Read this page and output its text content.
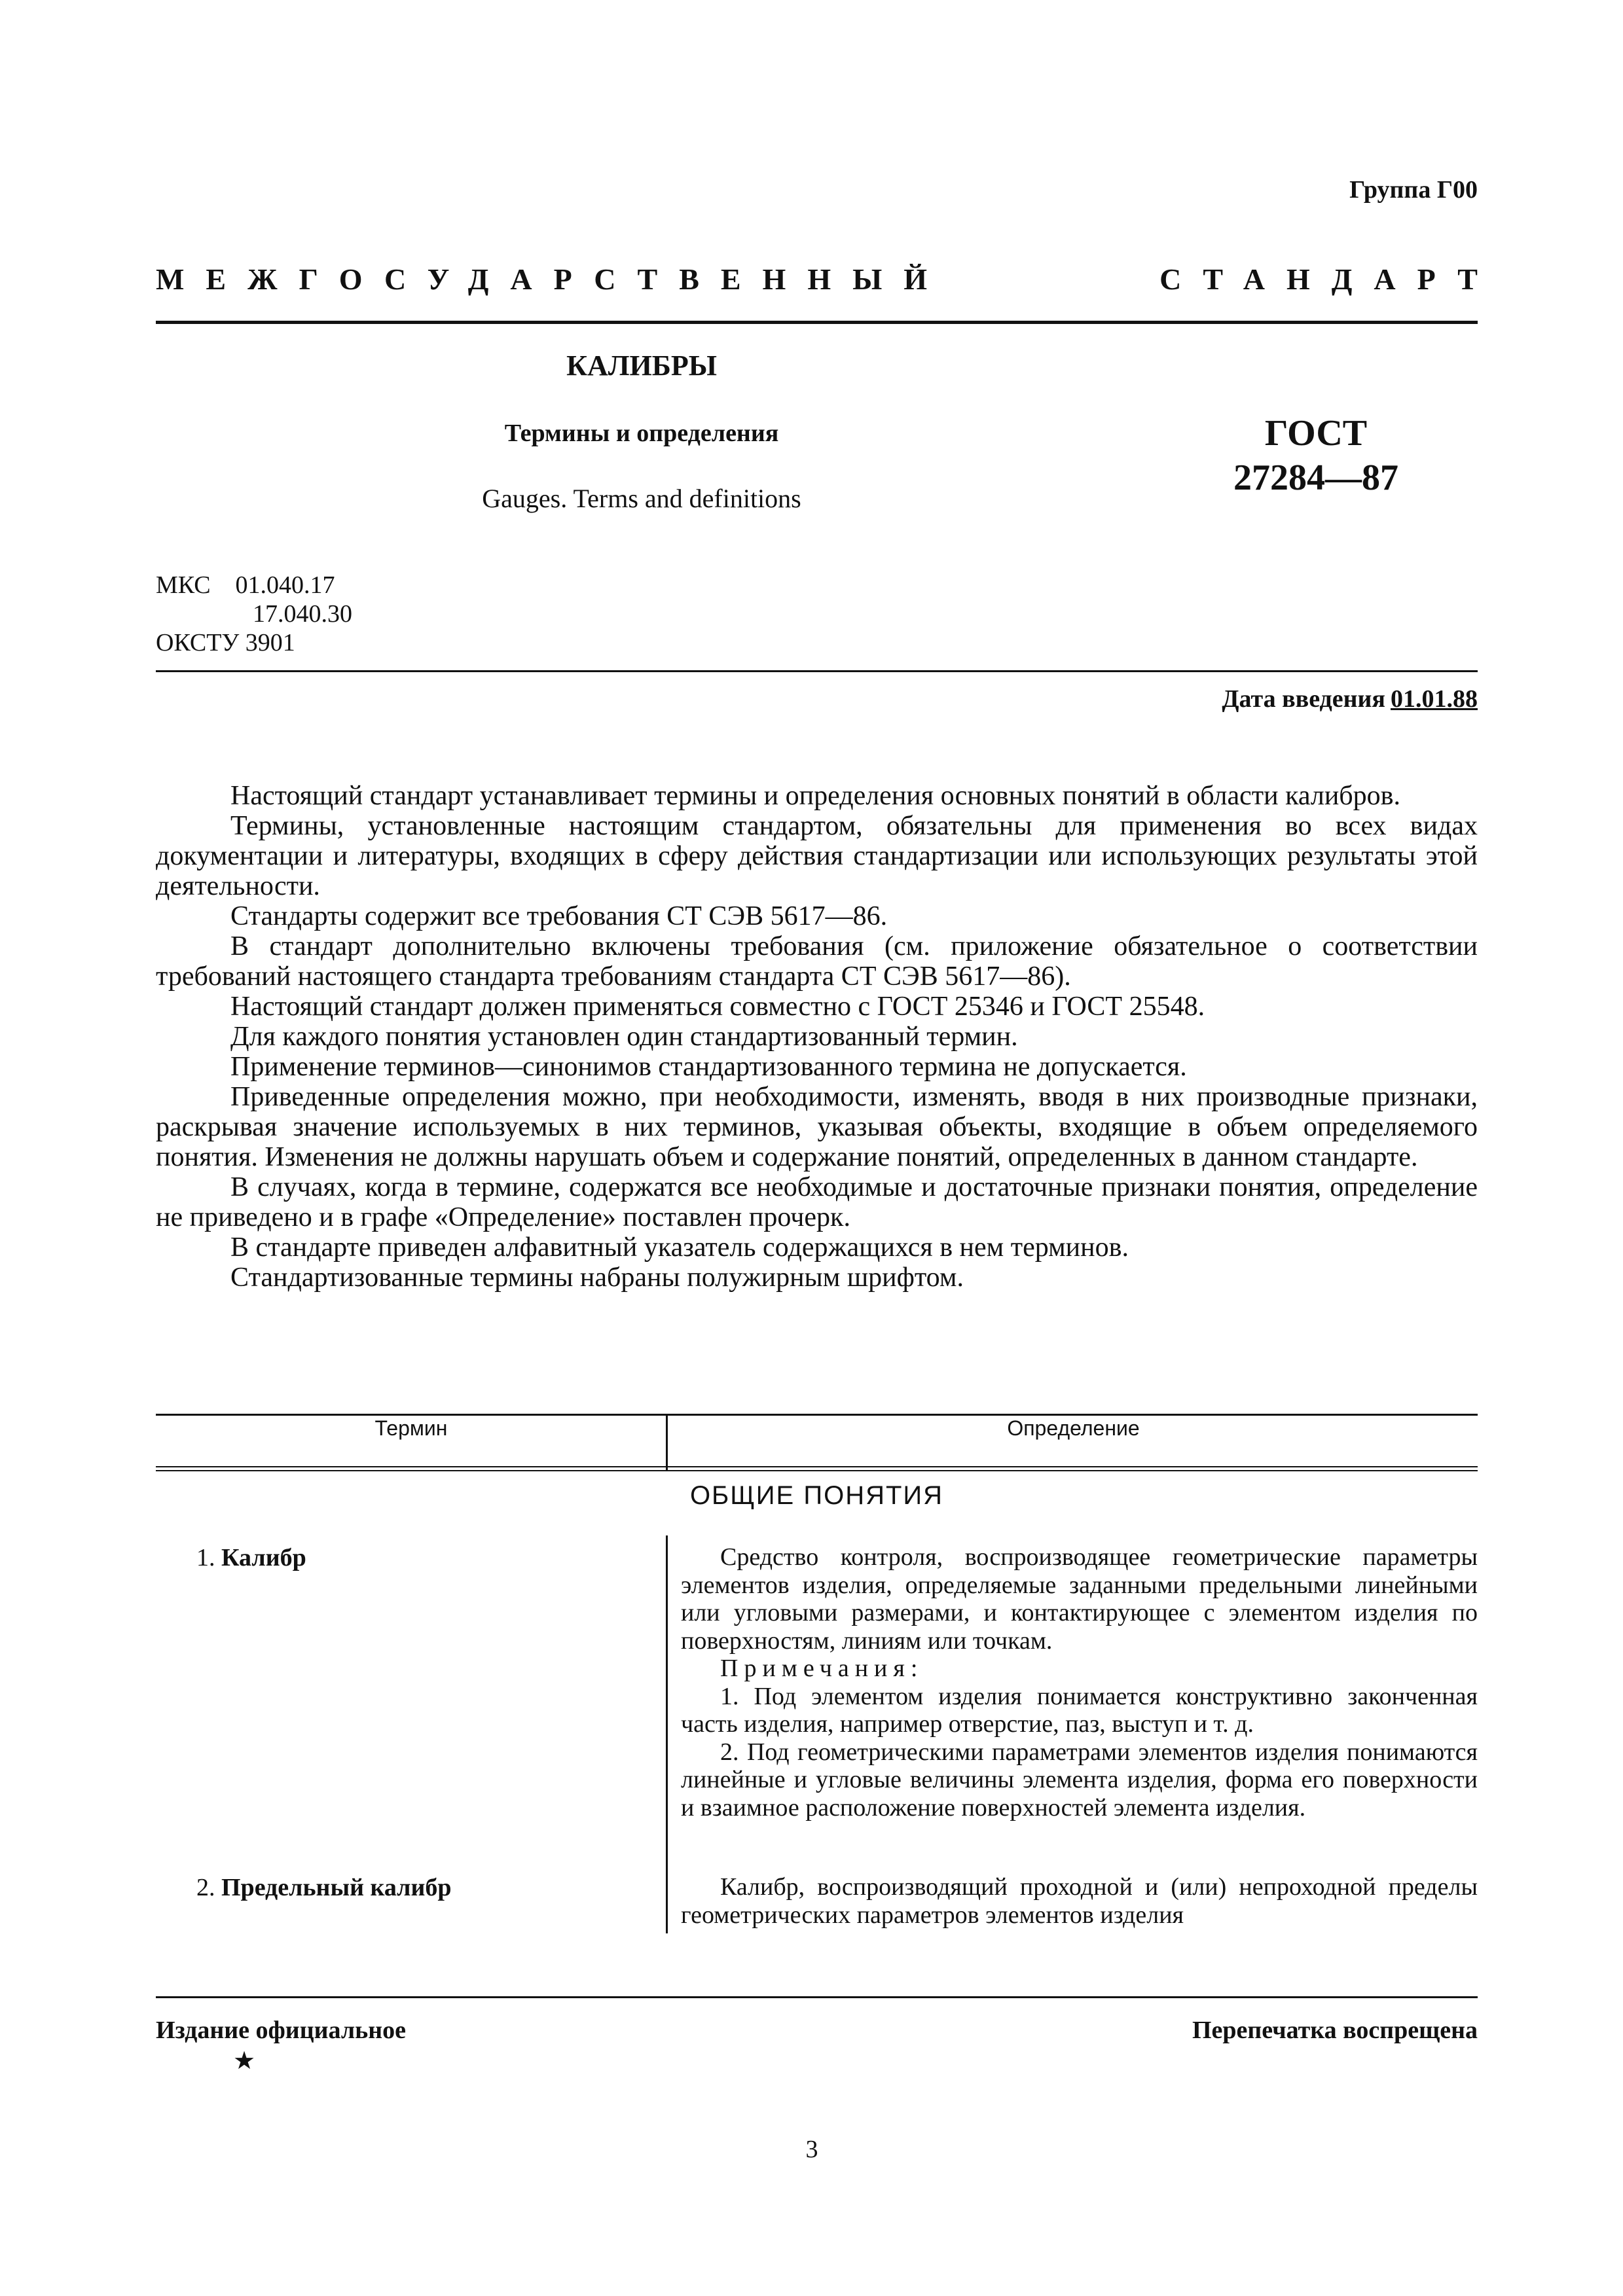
Группа Г00
МЕЖГОСУДАРСТВЕННЫЙ	СТАНДАРТ
КАЛИБРЫ
Термины и определения
Gauges. Terms and definitions
ГОСТ
27284—87
МКС 01.040.17
17.040.30
ОКСТУ 3901
Дата введения 01.01.88

Настоящий стандарт устанавливает термины и определения основных понятий в области калибров.

Термины, установленные настоящим стандартом, обязательны для применения во всех видах документации и литературы, входящих в сферу действия стандартизации или использующих результаты этой деятельности.

Стандарты содержит все требования СТ СЭВ 5617—86.

В стандарт дополнительно включены требования (см. приложение обязательное о соответствии требований настоящего стандарта требованиям стандарта СТ СЭВ 5617—86).

Настоящий стандарт должен применяться совместно с ГОСТ 25346 и ГОСТ 25548.

Для каждого понятия установлен один стандартизованный термин.

Применение терминов—синонимов стандартизованного термина не допускается.

Приведенные определения можно, при необходимости, изменять, вводя в них производные признаки, раскрывая значение используемых в них терминов, указывая объекты, входящие в объем определяемого понятия. Изменения не должны нарушать объем и содержание понятий, определенных в данном стандарте.

В случаях, когда в термине, содержатся все необходимые и достаточные признаки понятия, определение не приведено и в графе «Определение» поставлен прочерк.

В стандарте приведен алфавитный указатель содержащихся в нем терминов.

Стандартизованные термины набраны полужирным шрифтом.

Термин	Определение
ОБЩИЕ ПОНЯТИЯ
1. Калибр	Средство контроля, воспроизводящее геометрические параметры элементов изделия, определяемые заданными предельными линейными или угловыми размерами, и контактирующее с элементом изделия по поверхностям, линиям или точкам.

Примечания:

1. Под элементом изделия понимается конструктивно законченная часть изделия, например отверстие, паз, выступ и т. д.

2. Под геометрическими параметрами элементов изделия понимаются линейные и угловые величины элемента изделия, форма его поверхности и взаимное расположение поверхностей элемента изделия.

2. Предельный калибр	Калибр, воспроизводящий проходной и (или) непроходной пределы геометрических параметров элементов изделия

Издание официальное	Перепечатка воспрещена
★
3
